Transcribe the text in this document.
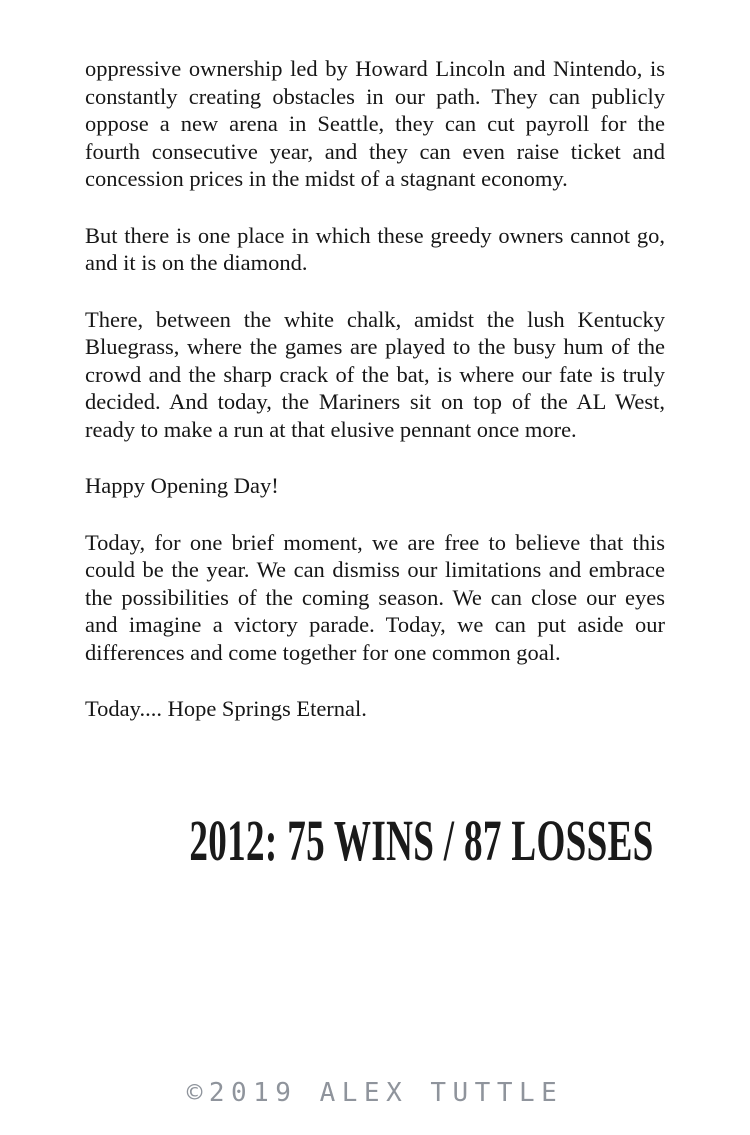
oppressive ownership led by Howard Lincoln and Nintendo, is constantly creating obstacles in our path. They can publicly oppose a new arena in Seattle, they can cut payroll for the fourth consecutive year, and they can even raise ticket and concession prices in the midst of a stagnant economy.

But there is one place in which these greedy owners cannot go, and it is on the diamond.

There, between the white chalk, amidst the lush Kentucky Bluegrass, where the games are played to the busy hum of the crowd and the sharp crack of the bat, is where our fate is truly decided. And today, the Mariners sit on top of the AL West, ready to make a run at that elusive pennant once more.

Happy Opening Day!

Today, for one brief moment, we are free to believe that this could be the year. We can dismiss our limitations and embrace the possibilities of the coming season. We can close our eyes and imagine a victory parade. Today, we can put aside our differences and come together for one common goal.

Today.... Hope Springs Eternal.

2012: 75 WINS / 87 LOSSES
©2019 ALEX TUTTLE
